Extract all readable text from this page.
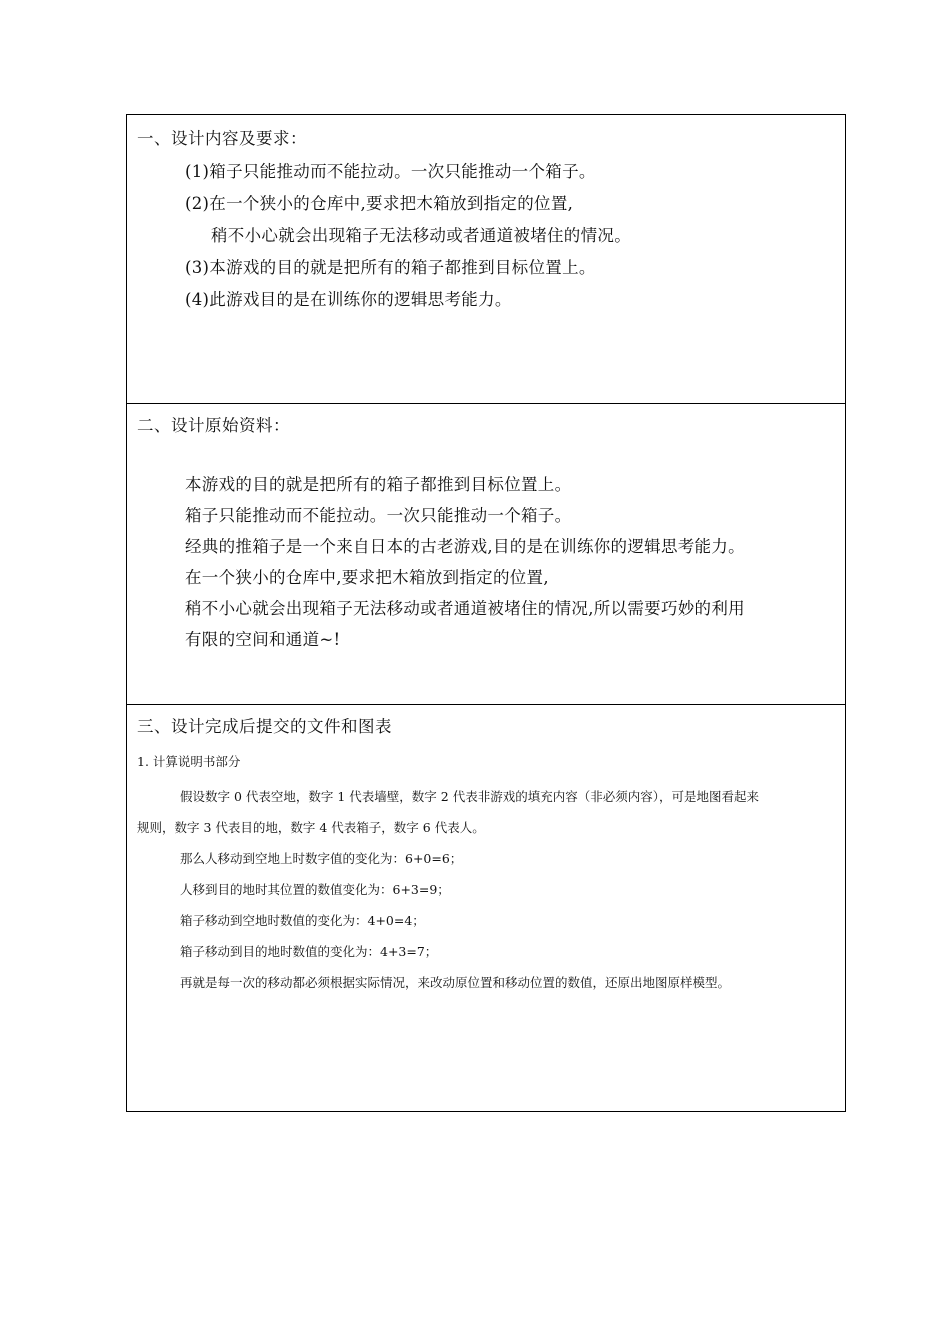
一、设计内容及要求：
(1)箱子只能推动而不能拉动。一次只能推动一个箱子。
(2)在一个狭小的仓库中,要求把木箱放到指定的位置,
稍不小心就会出现箱子无法移动或者通道被堵住的情况。
(3)本游戏的目的就是把所有的箱子都推到目标位置上。
(4)此游戏目的是在训练你的逻辑思考能力。
二、设计原始资料：
本游戏的目的就是把所有的箱子都推到目标位置上。
箱子只能推动而不能拉动。一次只能推动一个箱子。
经典的推箱子是一个来自日本的古老游戏,目的是在训练你的逻辑思考能力。
在一个狭小的仓库中,要求把木箱放到指定的位置,
稍不小心就会出现箱子无法移动或者通道被堵住的情况,所以需要巧妙的利用
有限的空间和通道~!
三、设计完成后提交的文件和图表
1. 计算说明书部分
假设数字 0 代表空地，数字 1 代表墙壁，数字 2 代表非游戏的填充内容（非必须内容），可是地图看起来
规则，数字 3 代表目的地，数字 4 代表箱子，数字 6 代表人。
那么人移动到空地上时数字值的变化为：6+0=6；
人移到目的地时其位置的数值变化为：6+3=9；
箱子移动到空地时数值的变化为：4+0=4；
箱子移动到目的地时数值的变化为：4+3=7；
再就是每一次的移动都必须根据实际情况，来改动原位置和移动位置的数值，还原出地图原样模型。
